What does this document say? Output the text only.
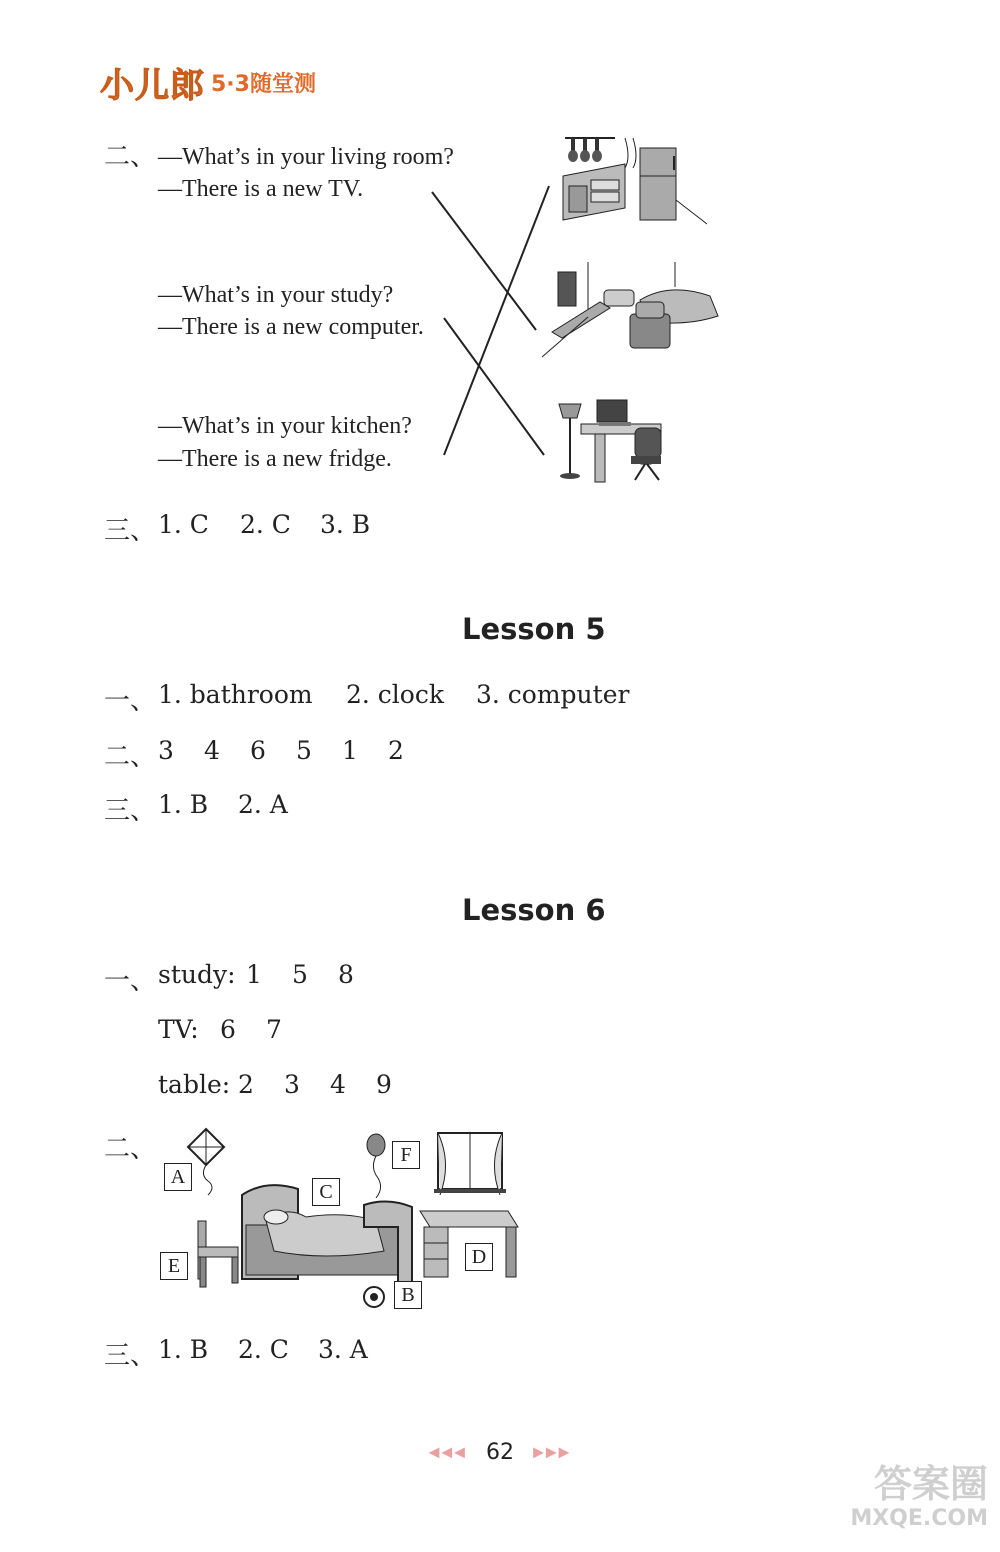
小儿郎 5·3随堂测
二、 —What’s in your living room?
—There is a new TV.
—What’s in your study?
—There is a new computer.
—What’s in your kitchen?
—There is a new fridge.
三、 1. C 2. C 3. B
Lesson 5
一、 1. bathroom 2. clock 3. computer
二、 3 4 6 5 1 2
三、 1. B 2. A
Lesson 6
一、 study: 1 5 8
TV: 6 7
table: 2 3 4 9
二、
A
B
C
D
E
F
三、 1. B 2. C 3. A
◀◀◀ 62 ▶▶▶
答案圈
MXQE.COM
